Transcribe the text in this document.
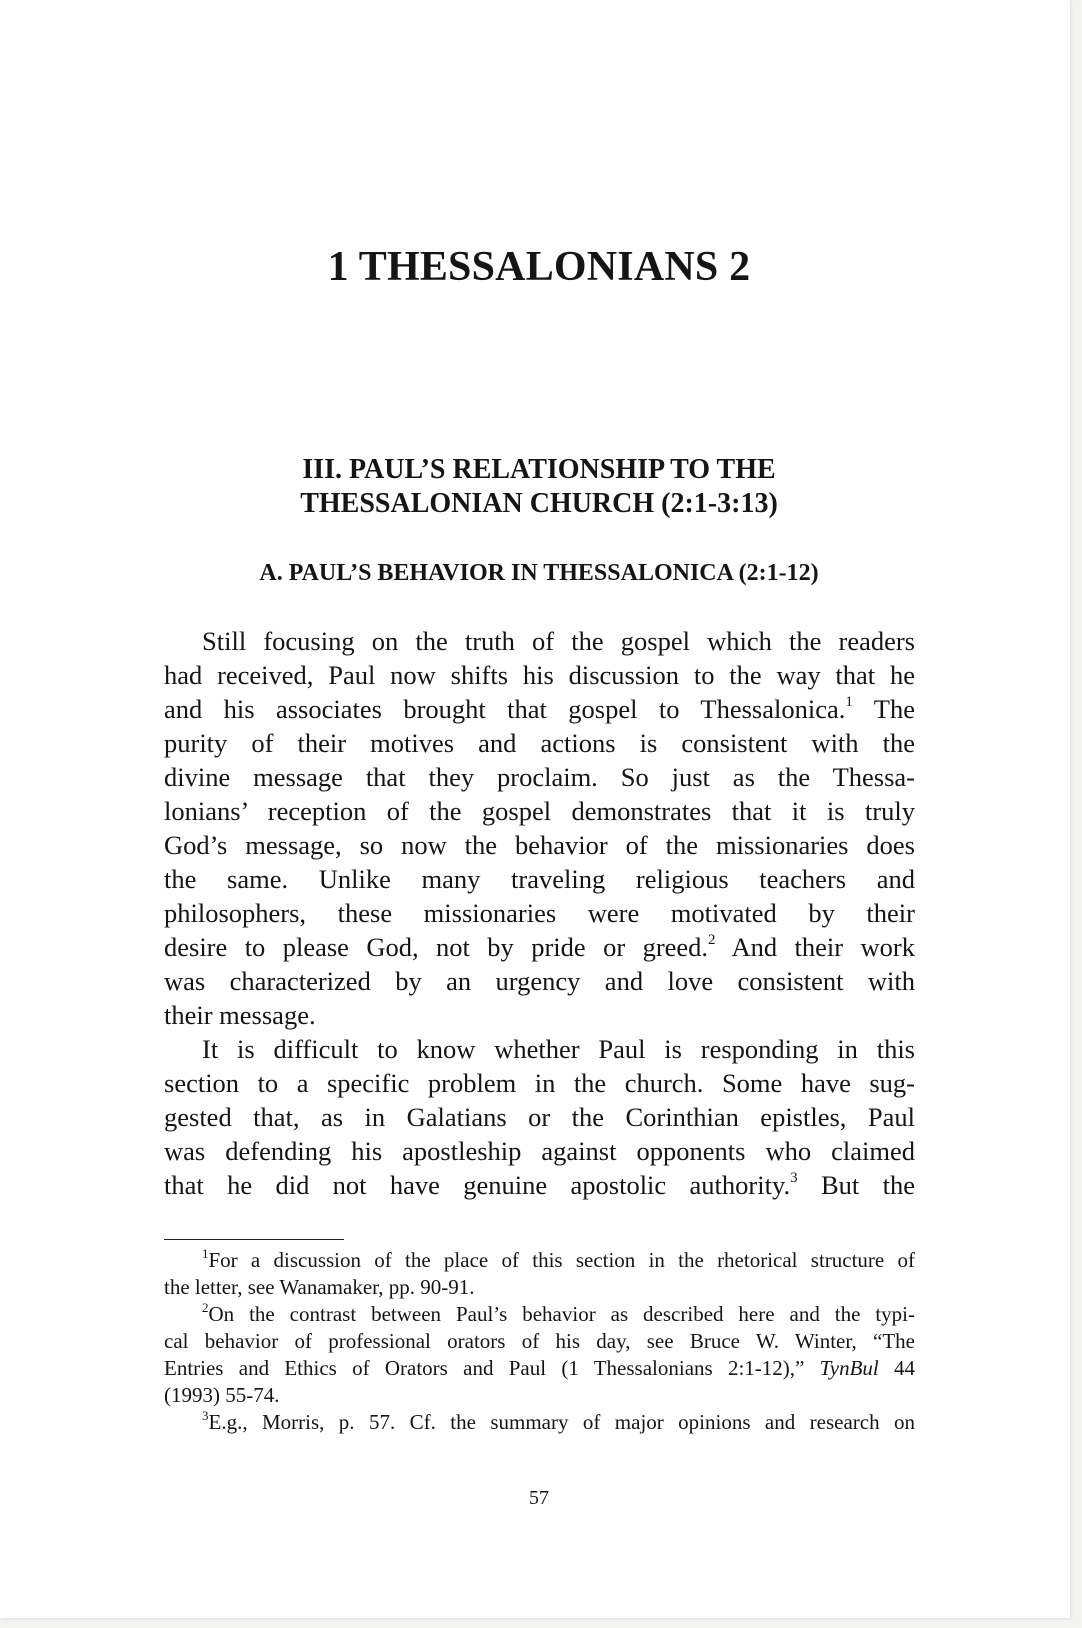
1 THESSALONIANS 2
III. PAUL’S RELATIONSHIP TO THE
THESSALONIAN CHURCH (2:1-3:13)
A. PAUL’S BEHAVIOR IN THESSALONICA (2:1-12)
Still focusing on the truth of the gospel which the readers
had received, Paul now shifts his discussion to the way that he
and his associates brought that gospel to Thessalonica.$^1$ The
purity of their motives and actions is consistent with the
divine message that they proclaim. So just as the Thessa-
lonians’ reception of the gospel demonstrates that it is truly
God’s message, so now the behavior of the missionaries does
the same. Unlike many traveling religious teachers and
philosophers, these missionaries were motivated by their
desire to please God, not by pride or greed.$^2$ And their work
was characterized by an urgency and love consistent with
their message.
It is difficult to know whether Paul is responding in this
section to a specific problem in the church. Some have sug-
gested that, as in Galatians or the Corinthian epistles, Paul
was defending his apostleship against opponents who claimed
that he did not have genuine apostolic authority.$^3$ But the
$^1$For a discussion of the place of this section in the rhetorical structure of
the letter, see Wanamaker, pp. 90-91.
$^2$On the contrast between Paul’s behavior as described here and the typi-
cal behavior of professional orators of his day, see Bruce W. Winter, “The
Entries and Ethics of Orators and Paul (1 Thessalonians 2:1-12),” TynBul 44
(1993) 55-74.
$^3$E.g., Morris, p. 57. Cf. the summary of major opinions and research on
57
